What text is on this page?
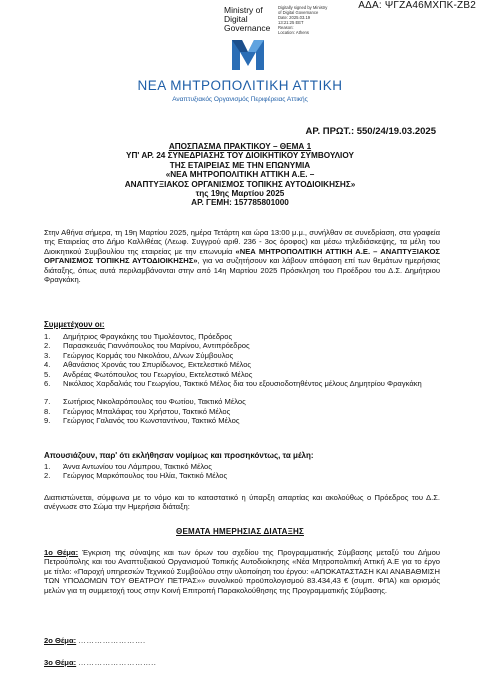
ΑΔΑ: ΨΓΖΑ46ΜΧΠΚ-ΖΒ2
Ministry of
Digital
Governance
Digitally signed by Ministry
of Digital Governance
Date: 2025.03.19
13:21:25 EET
Reason:
Location: Athens
ΝΕΑ ΜΗΤΡΟΠΟΛΙΤΙΚΗ ΑΤΤΙΚΗ
Αναπτυξιακός Οργανισμός Περιφέρειας Αττικής
ΑΡ. ΠΡΩΤ.: 550/24/19.03.2025
ΑΠΟΣΠΑΣΜΑ ΠΡΑΚΤΙΚΟΥ – ΘΕΜΑ 1
ΥΠ' ΑΡ. 24 ΣΥΝΕΔΡΙΑΣΗΣ ΤΟΥ ΔΙΟΙΚΗΤΙΚΟΥ ΣΥΜΒΟΥΛΙΟΥ
ΤΗΣ ΕΤΑΙΡΕΙΑΣ ΜΕ ΤΗΝ ΕΠΩΝΥΜΙΑ
«ΝΕΑ ΜΗΤΡΟΠΟΛΙΤΙΚΗ ΑΤΤΙΚΗ Α.Ε. –
ΑΝΑΠΤΥΞΙΑΚΟΣ ΟΡΓΑΝΙΣΜΟΣ ΤΟΠΙΚΗΣ ΑΥΤΟΔΙΟΙΚΗΣΗΣ»
της 19ης Μαρτίου 2025
ΑΡ. ΓΕΜΗ: 157785801000
Στην Αθήνα σήμερα, τη 19η Μαρτίου 2025, ημέρα Τετάρτη και ώρα 13:00 μ.μ., συνήλθαν σε συνεδρίαση, στα γραφεία της Εταιρείας στο Δήμο Καλλιθέας (Λεωφ. Συγγρού αριθ. 236 - 3ος όροφος) και μέσω τηλεδιάσκεψης, τα μέλη του Διοικητικού Συμβουλίου της εταιρείας με την επωνυμία «ΝΕΑ ΜΗΤΡΟΠΟΛΙΤΙΚΗ ΑΤΤΙΚΗ Α.Ε. – ΑΝΑΠΤΥΞΙΑΚΟΣ ΟΡΓΑΝΙΣΜΟΣ ΤΟΠΙΚΗΣ ΑΥΤΟΔΙΟΙΚΗΣΗΣ», για να συζητήσουν και λάβουν απόφαση επί των θεμάτων ημερήσιας διάταξης, όπως αυτά περιλαμβάνονται στην από 14η Μαρτίου 2025 Πρόσκληση του Προέδρου του Δ.Σ. Δημήτριου Φραγκάκη.
Συμμετέχουν οι:
1. Δημήτριος Φραγκάκης του Τιμολέοντος, Πρόεδρος
2. Παρασκευάς Γιαννόπουλος του Μαρίνου, Αντιπρόεδρος
3. Γεώργιος Κορμάς του Νικολάου, Δ/νων Σύμβουλος
4. Αθανάσιος Χρονάς του Σπυρίδωνος, Εκτελεστικό Μέλος
5. Ανδρέας Φωτόπουλος του Γεωργίου, Εκτελεστικό Μέλος
6. Νικόλαος Χαρδαλιάς του Γεωργίου, Τακτικό Μέλος δια του εξουσιοδοτηθέντος μέλους Δημητρίου Φραγκάκη
7. Σωτήριος Νικολαρόπουλος του Φωτίου, Τακτικό Μέλος
8. Γεώργιος Μπαλάφας του Χρήστου, Τακτικό Μέλος
9. Γεώργιος Γαλανός του Κωνσταντίνου, Τακτικό Μέλος
Απουσιάζουν, παρ' ότι εκλήθησαν νομίμως και προσηκόντως, τα μέλη:
1. Άννα Αντωνίου του Λάμπρου, Τακτικό Μέλος
2. Γεώργιος Μαρκόπουλος του Ηλία, Τακτικό Μέλος
Διαπιστώνεται, σύμφωνα με το νόμο και το καταστατικό η ύπαρξη απαρτίας και ακολούθως ο Πρόεδρος του Δ.Σ. ανέγνωσε στο Σώμα την Ημερήσια διάταξη:
ΘΕΜΑΤΑ ΗΜΕΡΗΣΙΑΣ ΔΙΑΤΑΞΗΣ
1ο Θέμα: Έγκριση της σύναψης και των όρων του σχεδίου της Προγραμματικής Σύμβασης μεταξύ του Δήμου Πετρούπολης και του Αναπτυξιακού Οργανισμού Τοπικής Αυτοδιοίκησης «Νέα Μητροπολιτική Αττική Α.Ε για το έργο με τίτλο: «Παροχή υπηρεσιών Τεχνικού Συμβούλου στην υλοποίηση του έργου: «ΑΠΟΚΑΤΑΣΤΑΣΗ ΚΑΙ ΑΝΑΒΑΘΜΙΣΗ ΤΩΝ ΥΠΟΔΟΜΩΝ ΤΟΥ ΘΕΑΤΡΟΥ ΠΕΤΡΑΣ»» συνολικού προϋπολογισμού 83.434,43 € (συμπ. ΦΠΑ) και ορισμός μελών για τη συμμετοχή τους στην Κοινή Επιτροπή Παρακολούθησης της Προγραμματικής Σύμβασης.
2ο Θέμα: …………………….
3ο Θέμα: ………………………..
